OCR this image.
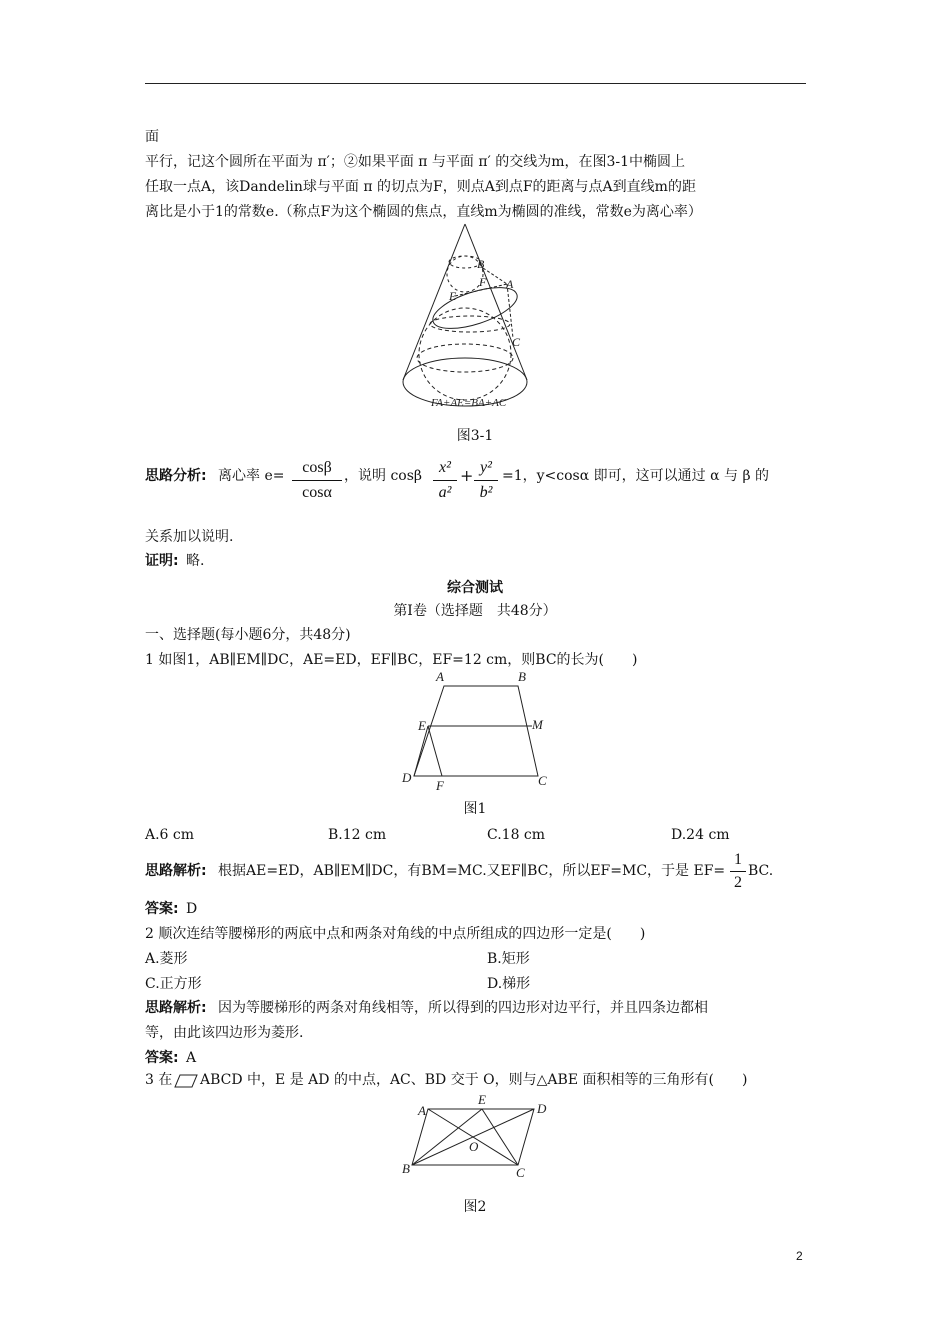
面
平行，记这个圆所在平面为 π′；②如果平面 π 与平面 π′ 的交线为m，在图3-1中椭圆上
任取一点A，该Dandelin球与平面 π 的切点为F，则点A到点F的距离与点A到直线m的距
离比是小于1的常数e.（称点F为这个椭圆的焦点，直线m为椭圆的准线，常数e为离心率）
B
F A
E
C
FA+AE=BA+AC
图3-1
思路分析: 离心率 $e= \frac{\cos\beta}{\cos\alpha}$ ，说明 cosβ $\frac{\text{x²}}{\text{a²}} + \frac{\text{y²}}{\text{b²}} =1$，y<cosα 即可，这可以通过 α 与 β 的
关系加以说明.
证明: 略.
综合测试
第Ⅰ卷（选择题　共48分）
一、选择题(每小题6分，共48分)
1 如图1，AB∥EM∥DC，AE=ED，EF∥BC，EF=12 cm，则BC的长为(　　)
A	B
E	M
D
F	C
图1
A.6 cm	B.12 cm	C.18 cm	D.24 cm
思路解析: 根据AE=ED，AB∥EM∥DC，有BM=MC.又EF∥BC，所以EF=MC，于是 $EF= \frac{1}{2}$ BC.
答案: D
2 顺次连结等腰梯形的两底中点和两条对角线的中点所组成的四边形一定是(　　)
A.菱形	B.矩形
C.正方形	D.梯形
思路解析: 因为等腰梯形的两条对角线相等，所以得到的四边形对边平行，并且四条边都相
等，由此该四边形为菱形.
答案: A
3 在 ABCD 中，E 是 AD 的中点，AC、BD 交于 O，则与△ABE 面积相等的三角形有(　　)
A
E
D
O
B	C
图2
2
